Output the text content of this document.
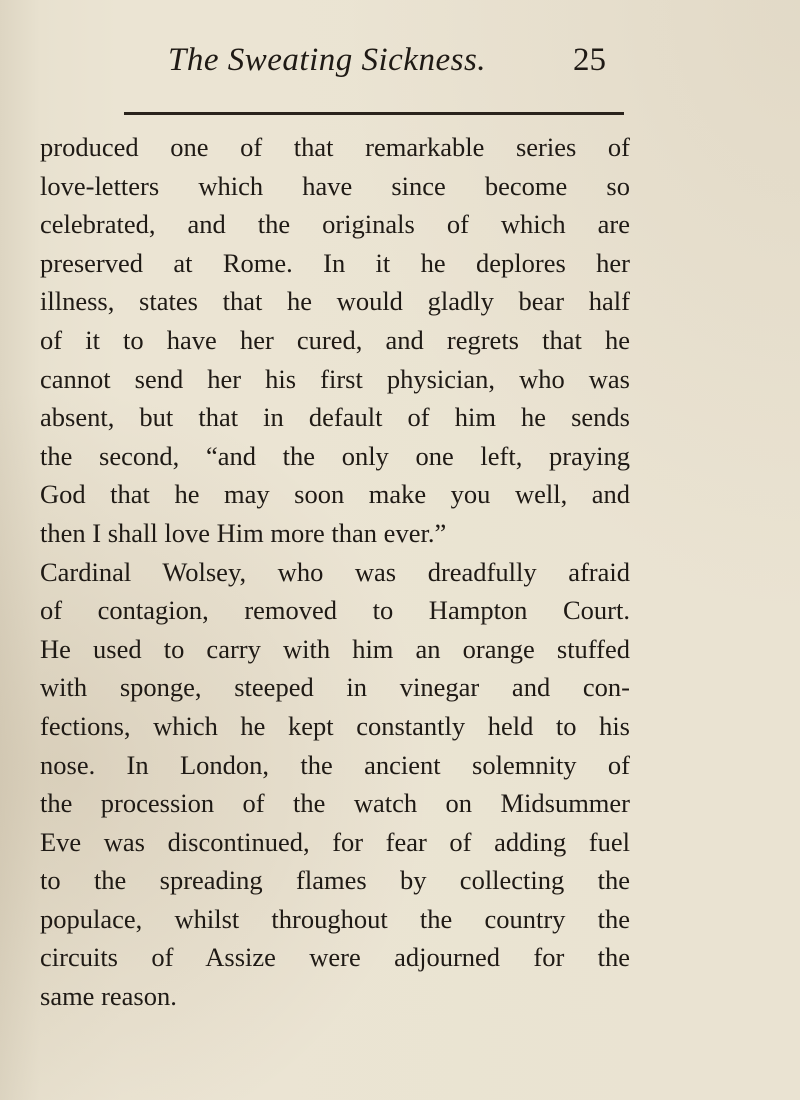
The Sweating Sickness.	25
produced one of that remarkable series of
love-letters which have since become so
celebrated, and the originals of which are
preserved at Rome. In it he deplores her
illness, states that he would gladly bear half
of it to have her cured, and regrets that he
cannot send her his first physician, who was
absent, but that in default of him he sends
the second, “and the only one left, praying
God that he may soon make you well, and
then I shall love Him more than ever.”
Cardinal Wolsey, who was dreadfully afraid
of contagion, removed to Hampton Court.
He used to carry with him an orange stuffed
with sponge, steeped in vinegar and con-
fections, which he kept constantly held to his
nose. In London, the ancient solemnity of
the procession of the watch on Midsummer
Eve was discontinued, for fear of adding fuel
to the spreading flames by collecting the
populace, whilst throughout the country the
circuits of Assize were adjourned for the
same reason.
